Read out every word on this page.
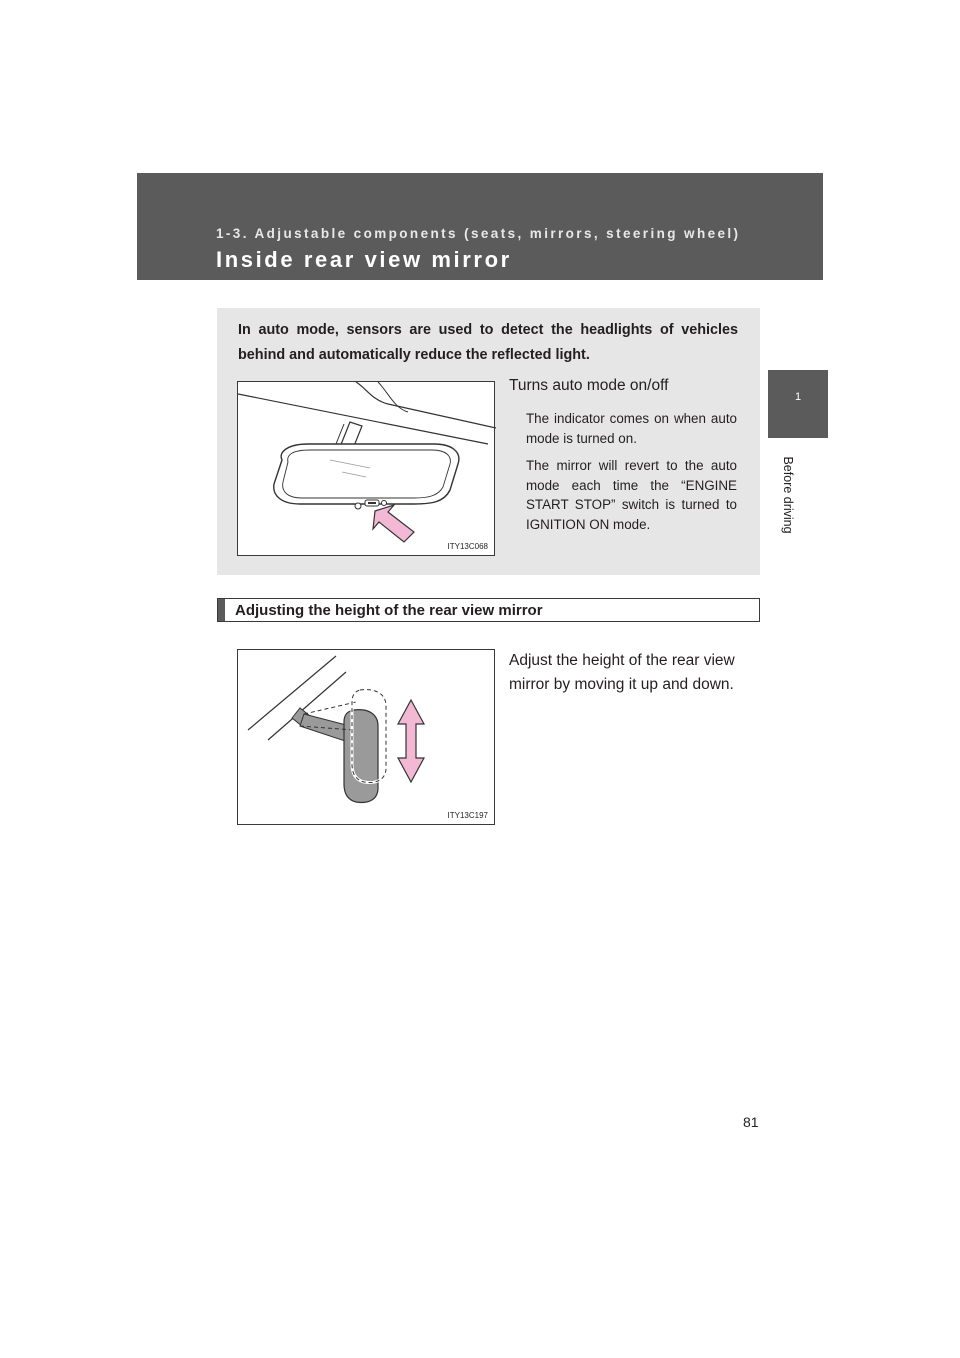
1-3. Adjustable components (seats, mirrors, steering wheel)
Inside rear view mirror
1
Before driving
In auto mode, sensors are used to detect the headlights of vehicles behind and automatically reduce the reflected light.
ITY13C068
Turns auto mode on/off
The indicator comes on when auto mode is turned on.
The mirror will revert to the auto mode each time the “ENGINE START STOP” switch is turned to IGNITION ON mode.
Adjusting the height of the rear view mirror
ITY13C197
Adjust the height of the rear view mirror by moving it up and down.
81
